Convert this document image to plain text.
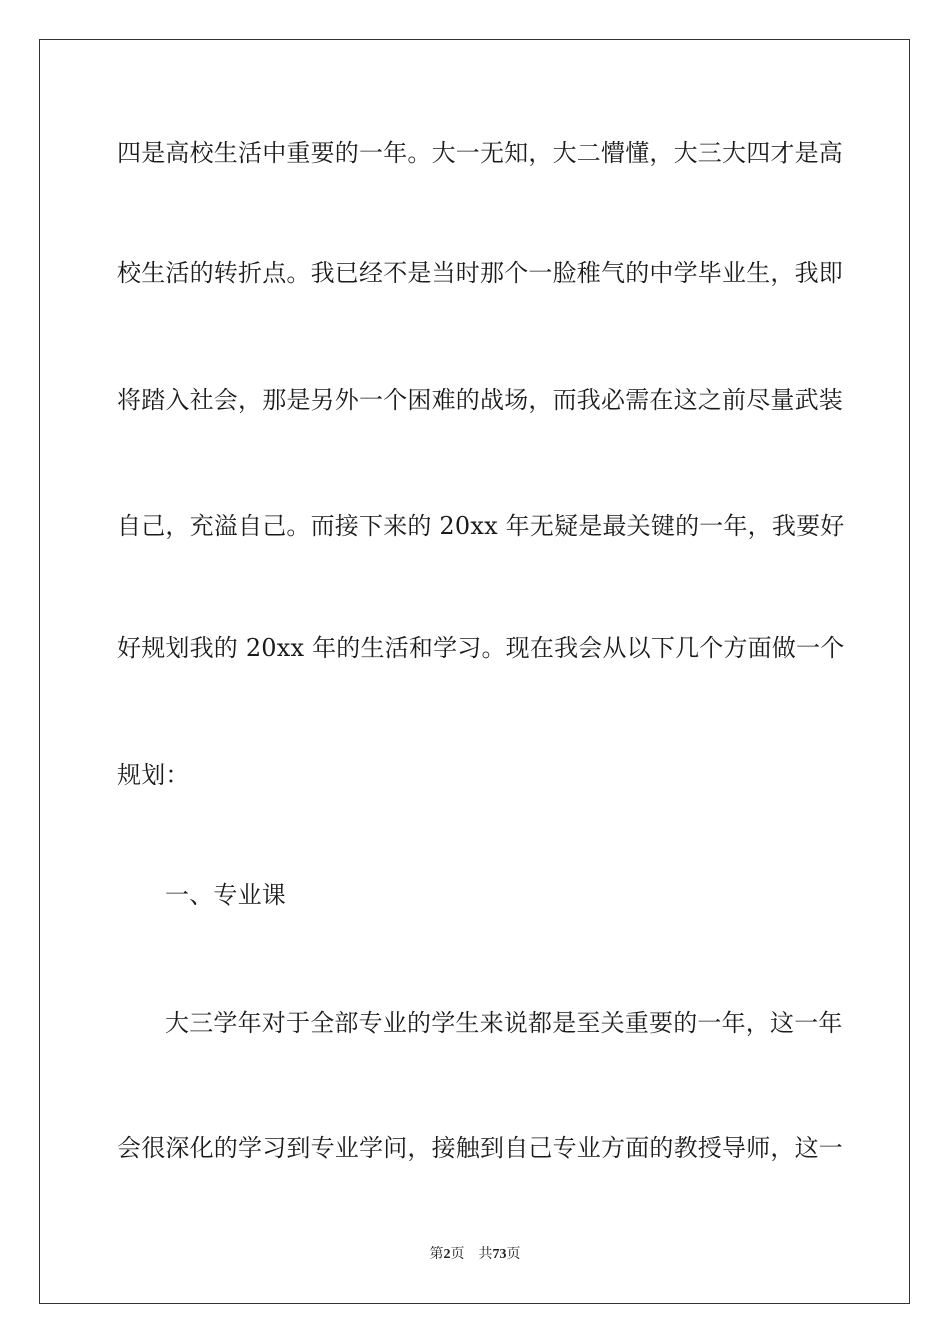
四是高校生活中重要的一年。大一无知，大二懵懂，大三大四才是高
校生活的转折点。我已经不是当时那个一脸稚气的中学毕业生，我即
将踏入社会，那是另外一个困难的战场，而我必需在这之前尽量武装
自己，充溢自己。而接下来的 20xx 年无疑是最关键的一年，我要好
好规划我的 20xx 年的生活和学习。现在我会从以下几个方面做一个
规划：
一、专业课
大三学年对于全部专业的学生来说都是至关重要的一年，这一年
会很深化的学习到专业学问，接触到自己专业方面的教授导师，这一
第2页 共73页
